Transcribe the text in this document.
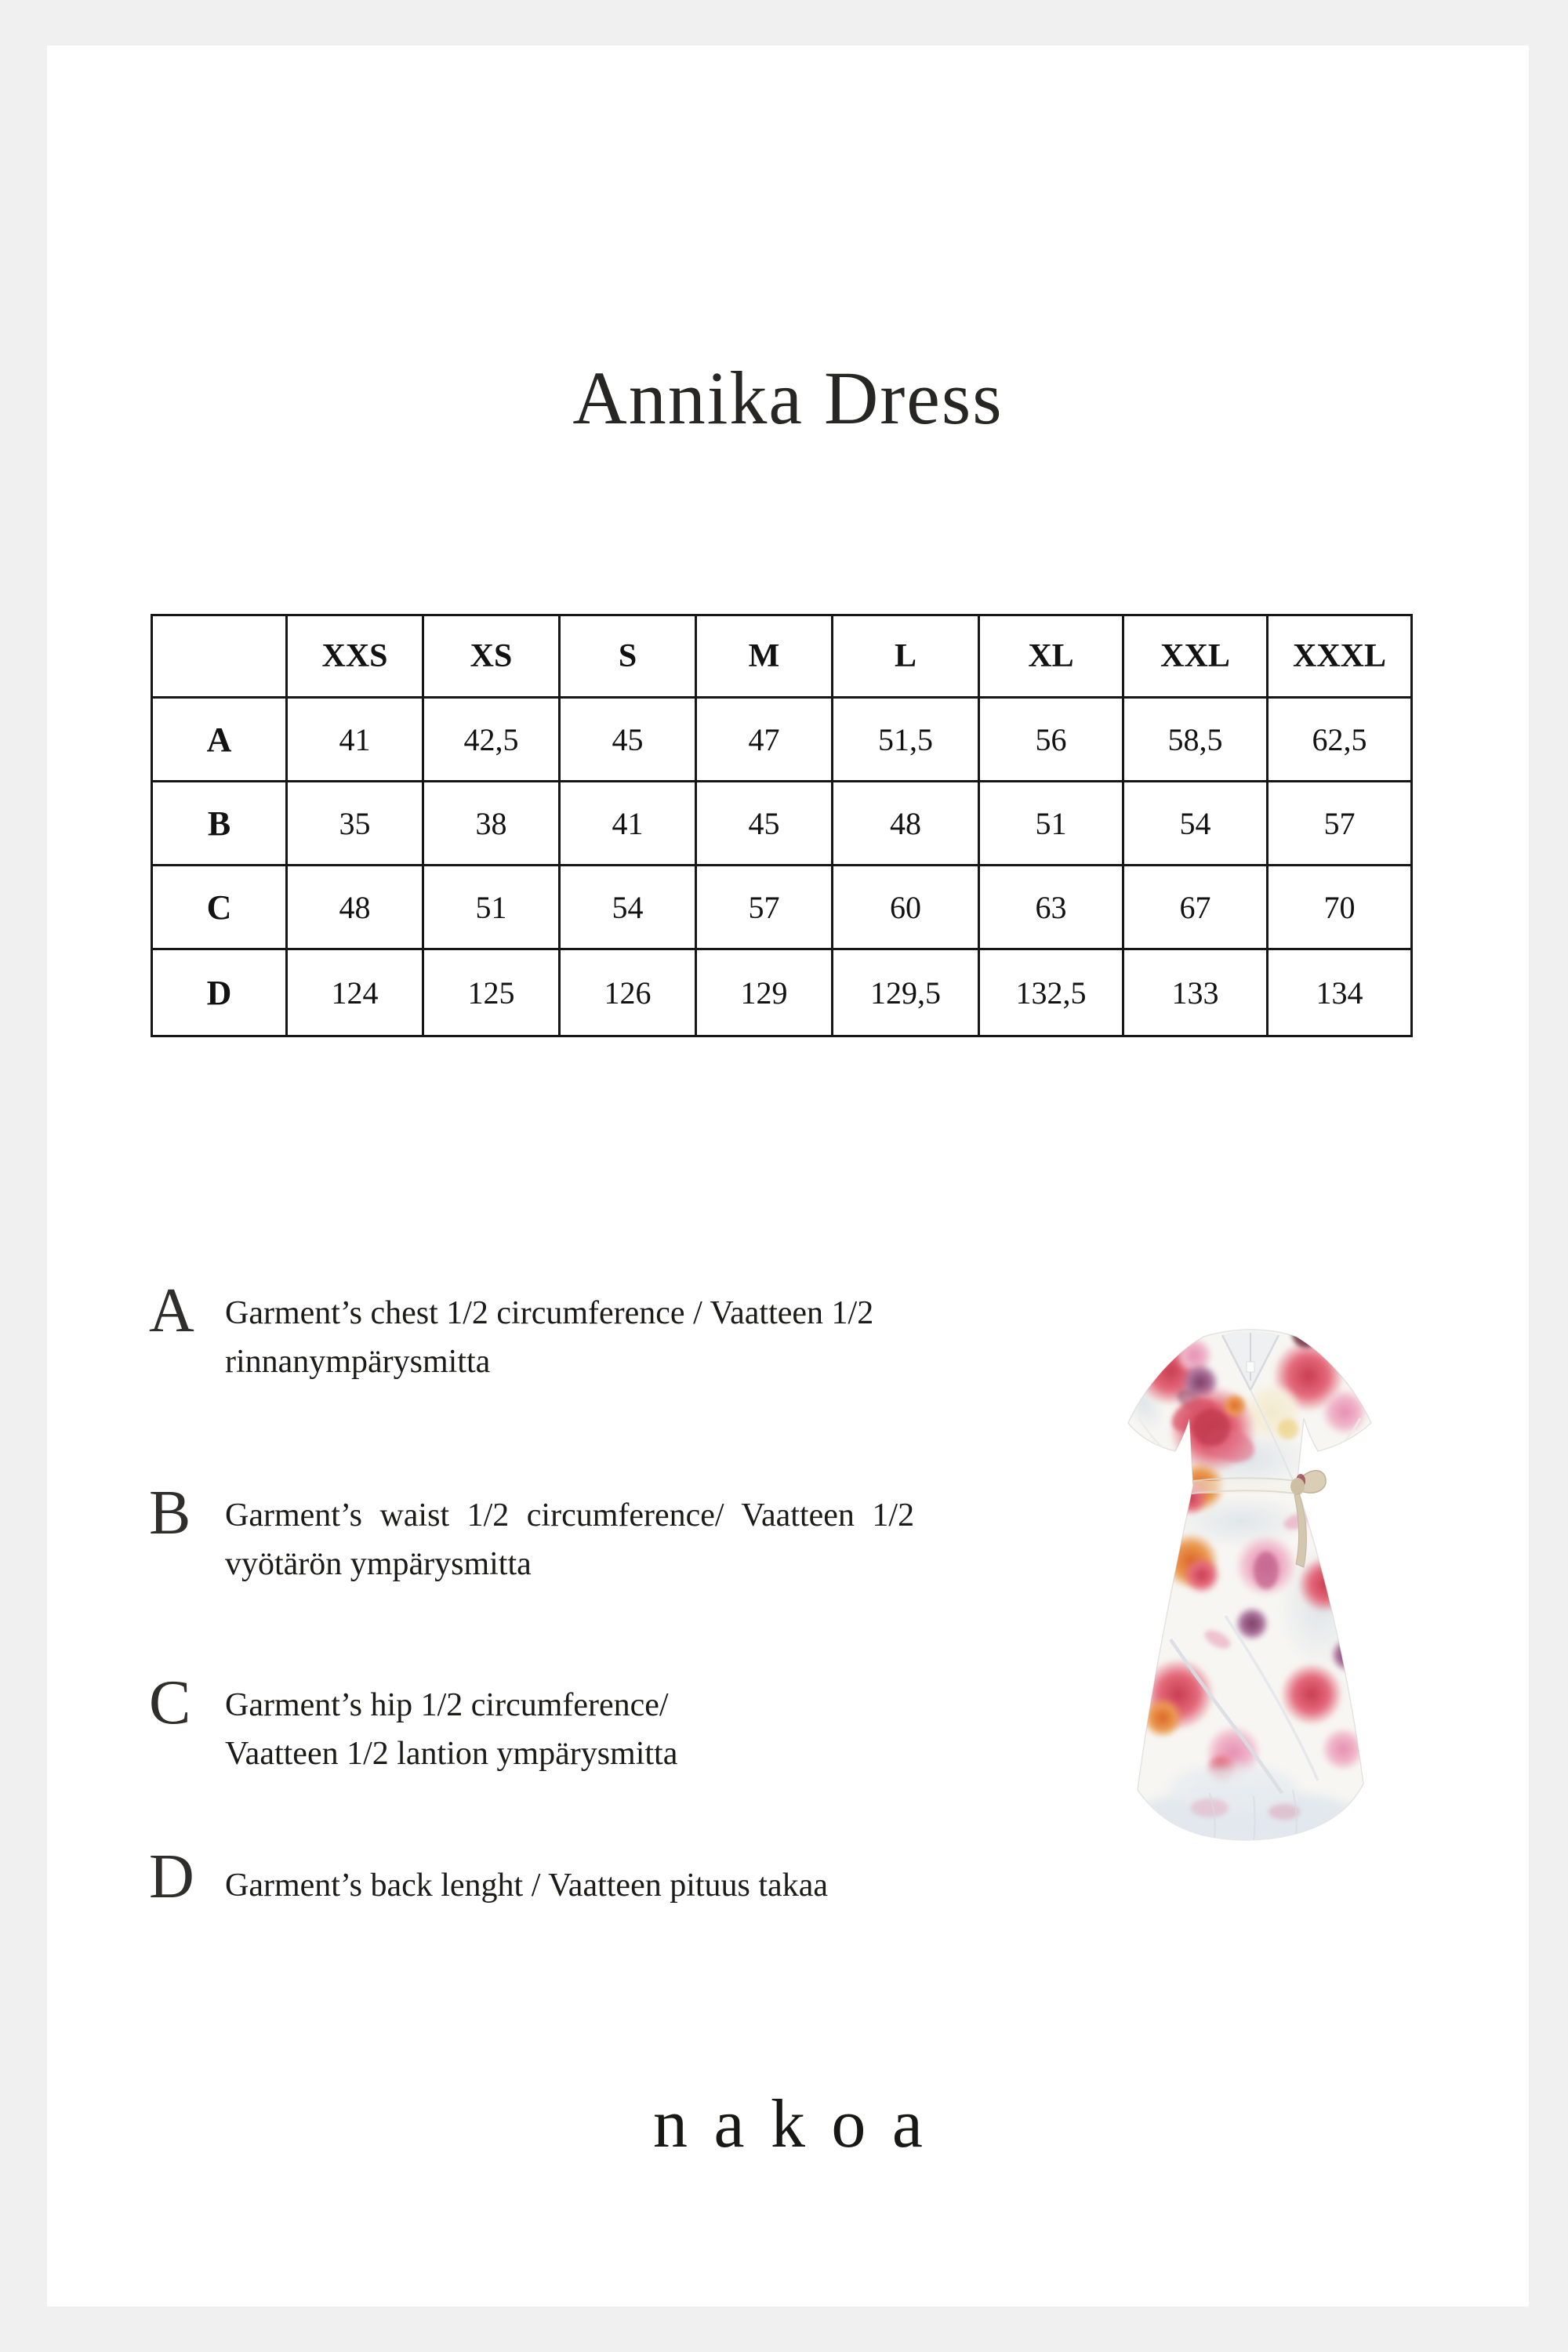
Annika Dress
	XXS	XS	S	M	L	XL	XXL	XXXL
A	41	42,5	45	47	51,5	56	58,5	62,5
B	35	38	41	45	48	51	54	57
C	48	51	54	57	60	63	67	70
D	124	125	126	129	129,5	132,5	133	134
A Garment’s chest 1/2 circumference / Vaatteen 1/2
rinnanympärysmitta
B	Garment’s waist 1/2 circumference/ Vaatteen 1/2
vyötärön ympärysmitta
C	Garment’s hip 1/2 circumference/
Vaatteen 1/2 lantion ympärysmitta
D Garment’s back lenght / Vaatteen pituus takaa
nakoa
